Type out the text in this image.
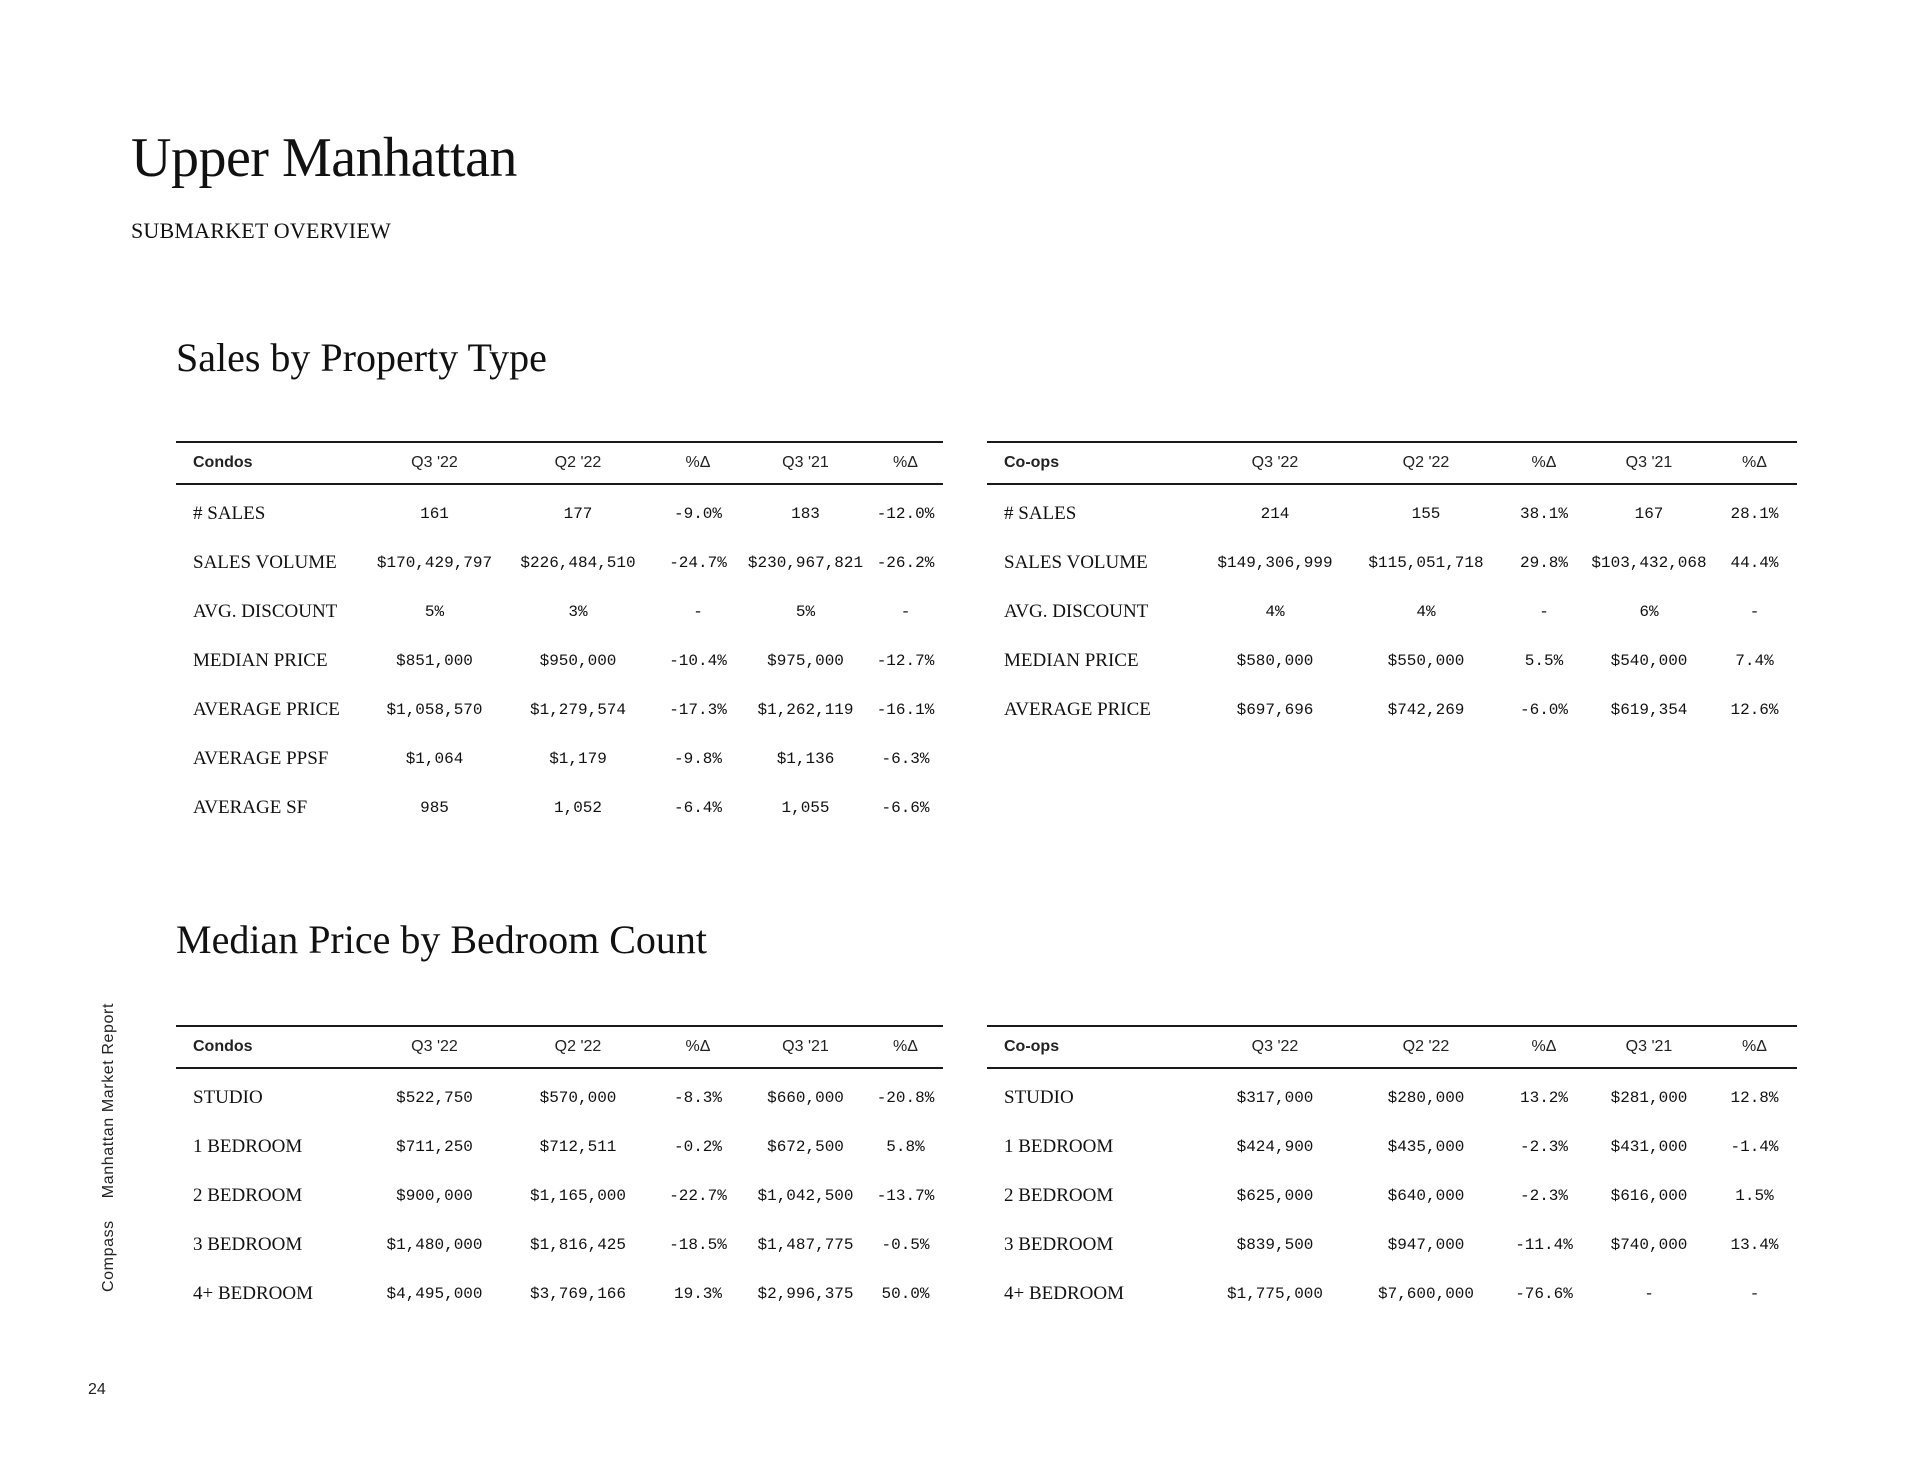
Upper Manhattan
SUBMARKET OVERVIEW
Sales by Property Type
Condos	Q3 '22	Q2 '22	%Δ	Q3 '21	%Δ
# SALES	161	177	-9.0%	183	-12.0%
SALES VOLUME	$170,429,797	$226,484,510	-24.7%	$230,967,821	-26.2%
AVG. DISCOUNT	5%	3%	-	5%	-
MEDIAN PRICE	$851,000	$950,000	-10.4%	$975,000	-12.7%
AVERAGE PRICE	$1,058,570	$1,279,574	-17.3%	$1,262,119	-16.1%
AVERAGE PPSF	$1,064	$1,179	-9.8%	$1,136	-6.3%
AVERAGE SF	985	1,052	-6.4%	1,055	-6.6%
Co-ops	Q3 '22	Q2 '22	%Δ	Q3 '21	%Δ
# SALES	214	155	38.1%	167	28.1%
SALES VOLUME	$149,306,999	$115,051,718	29.8%	$103,432,068	44.4%
AVG. DISCOUNT	4%	4%	-	6%	-
MEDIAN PRICE	$580,000	$550,000	5.5%	$540,000	7.4%
AVERAGE PRICE	$697,696	$742,269	-6.0%	$619,354	12.6%
Median Price by Bedroom Count
Condos	Q3 '22	Q2 '22	%Δ	Q3 '21	%Δ
STUDIO	$522,750	$570,000	-8.3%	$660,000	-20.8%
1 BEDROOM	$711,250	$712,511	-0.2%	$672,500	5.8%
2 BEDROOM	$900,000	$1,165,000	-22.7%	$1,042,500	-13.7%
3 BEDROOM	$1,480,000	$1,816,425	-18.5%	$1,487,775	-0.5%
4+ BEDROOM	$4,495,000	$3,769,166	19.3%	$2,996,375	50.0%
Co-ops	Q3 '22	Q2 '22	%Δ	Q3 '21	%Δ
STUDIO	$317,000	$280,000	13.2%	$281,000	12.8%
1 BEDROOM	$424,900	$435,000	-2.3%	$431,000	-1.4%
2 BEDROOM	$625,000	$640,000	-2.3%	$616,000	1.5%
3 BEDROOM	$839,500	$947,000	-11.4%	$740,000	13.4%
4+ BEDROOM	$1,775,000	$7,600,000	-76.6%	-	-
CompassManhattan Market Report
24
